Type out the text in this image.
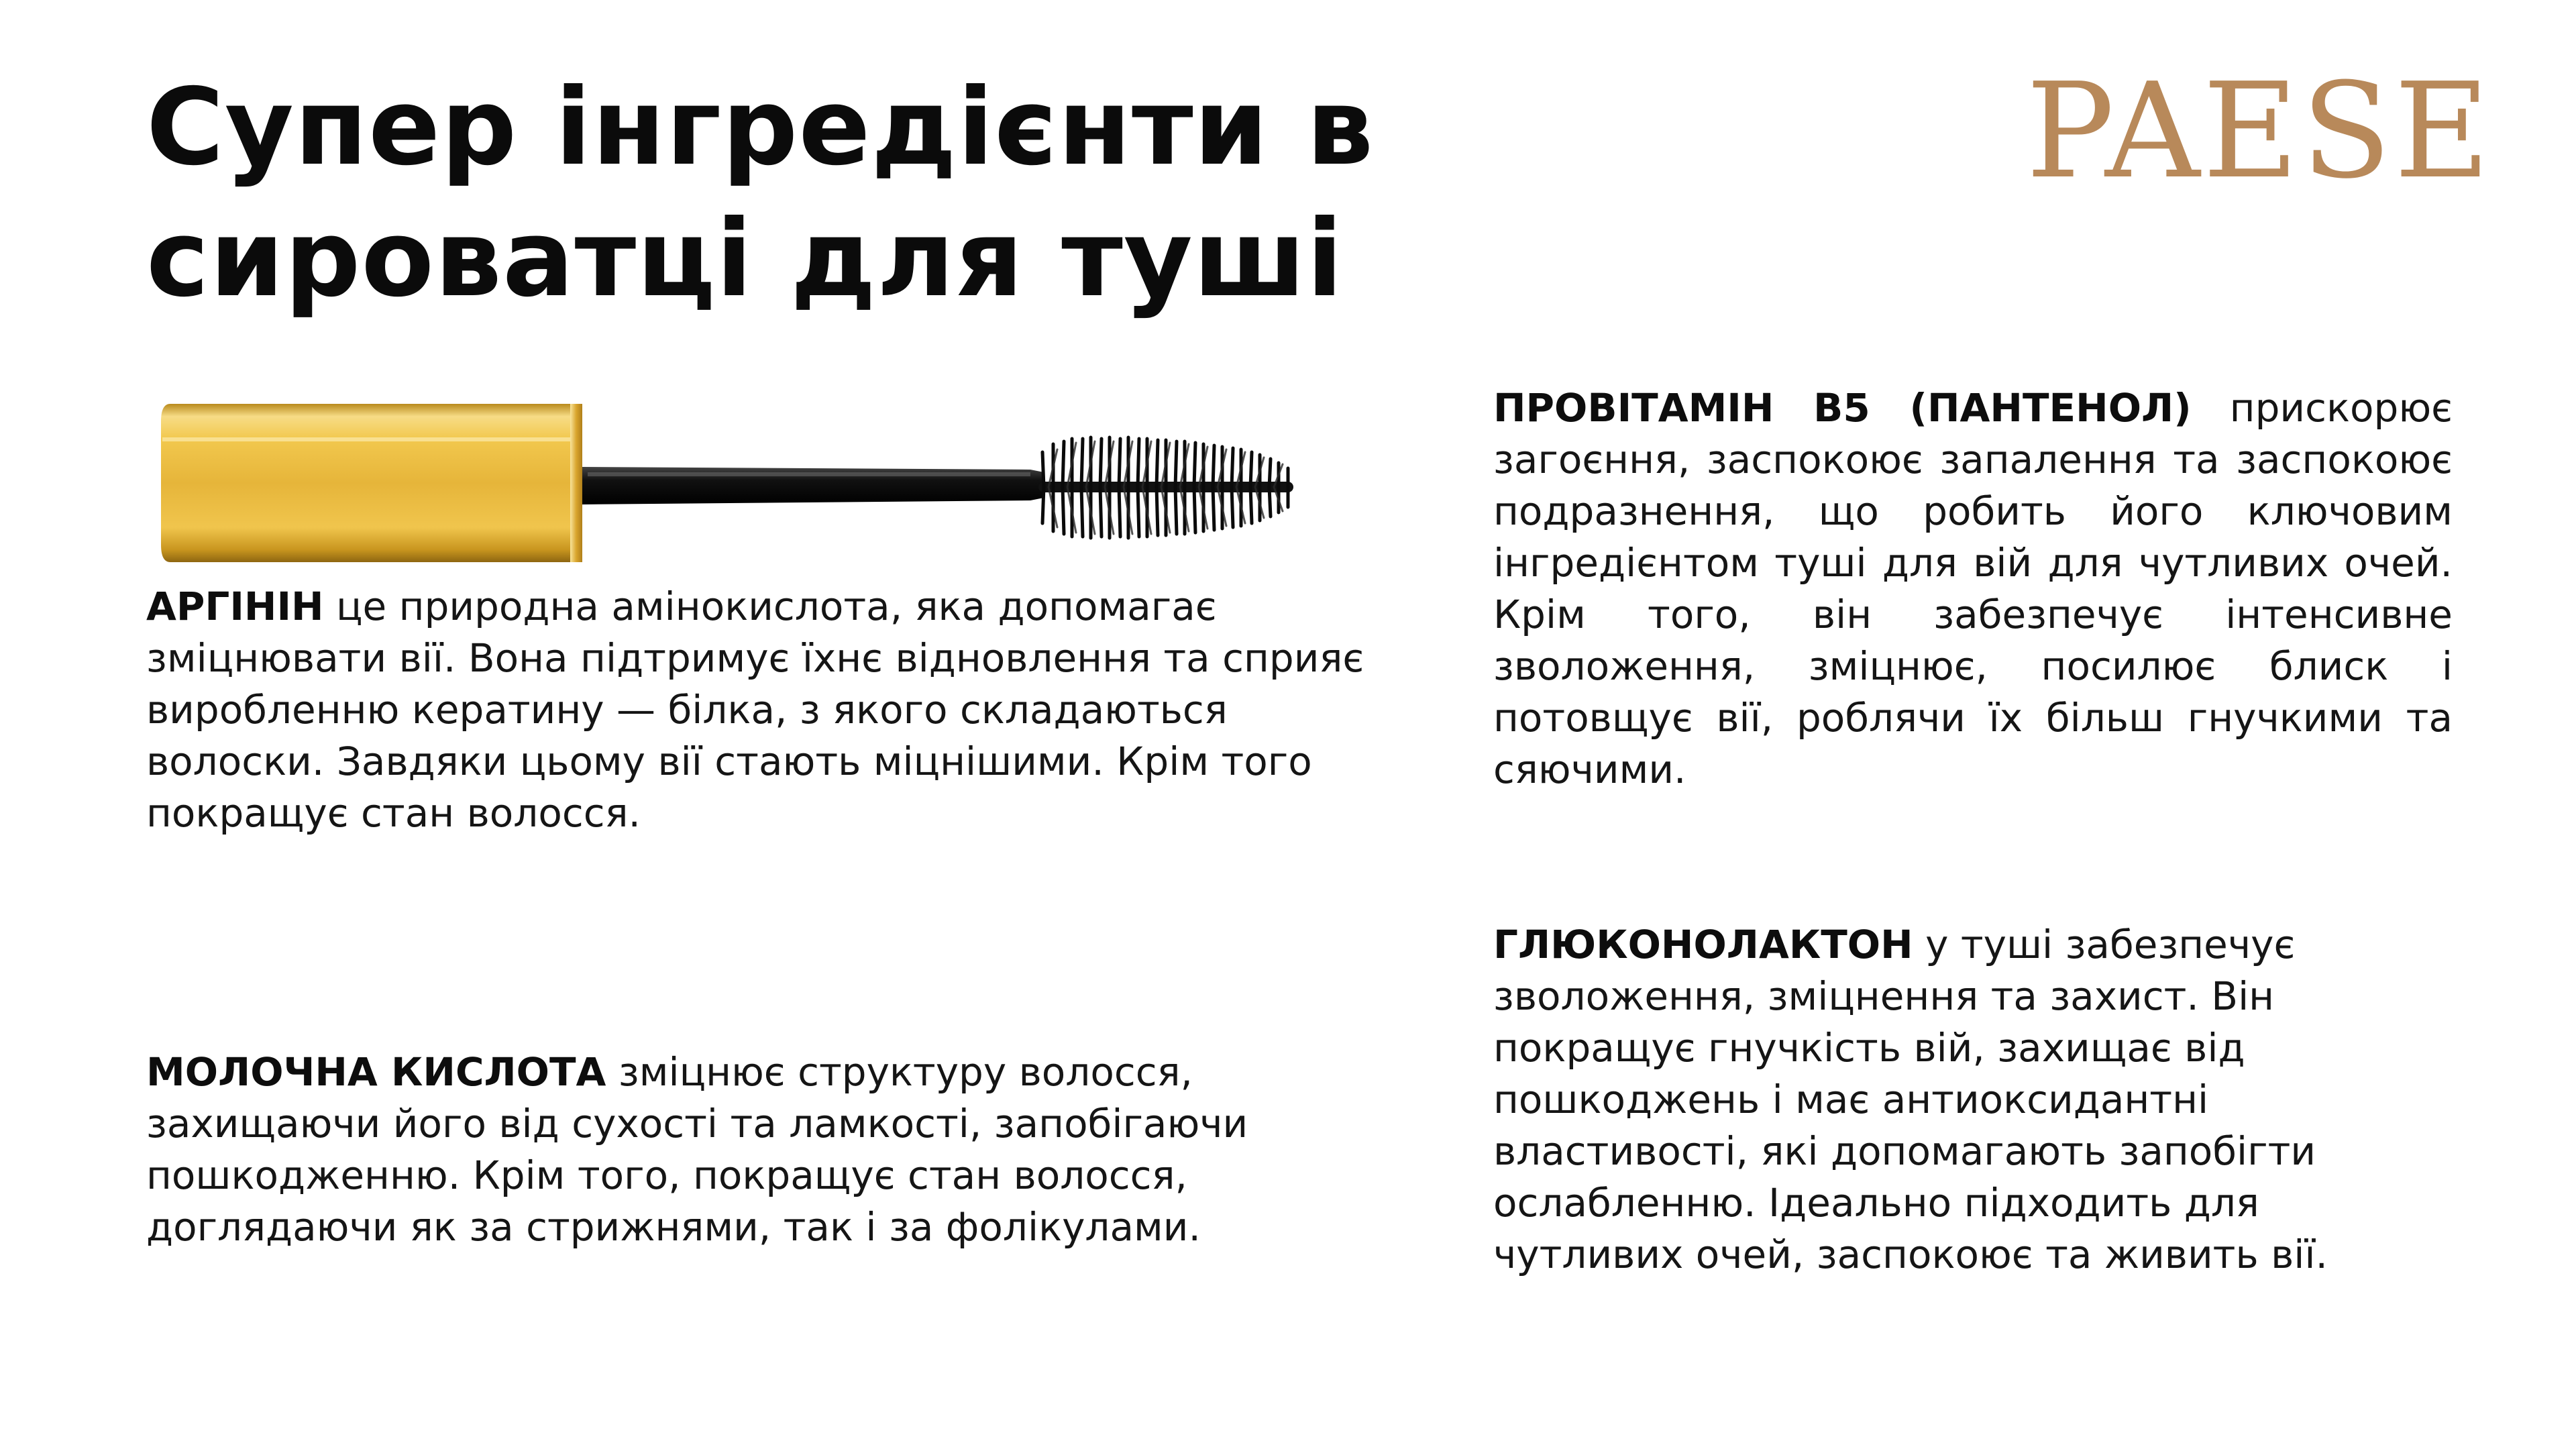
Супер інгредієнти в сироватці для туші
PAESE

АРГІНІН це природна амінокислота, яка допомагає зміцнювати вії. Вона підтримує їхнє відновлення та сприяє виробленню кератину — білка, з якого складаються волоски. Завдяки цьому вії стають міцнішими. Крім того покращує стан волосся.

МОЛОЧНА КИСЛОТА зміцнює структуру волосся, захищаючи його від сухості та ламкості, запобігаючи пошкодженню. Крім того, покращує стан волосся, доглядаючи як за стрижнями, так і за фолікулами.

ПРОВІТАМІН В5 (ПАНТЕНОЛ) прискорює загоєння, заспокоює запалення та заспокоює подразнення, що робить його ключовим інгредієнтом туші для вій для чутливих очей. Крім того, він забезпечує інтенсивне зволоження, зміцнює, посилює блиск і потовщує вії, роблячи їх більш гнучкими та сяючими.

ГЛЮКОНОЛАКТОН у туші забезпечує зволоження, зміцнення та захист. Він покращує гнучкість вій, захищає від пошкоджень і має антиоксидантні властивості, які допомагають запобігти ослабленню. Ідеально підходить для чутливих очей, заспокоює та живить вії.
